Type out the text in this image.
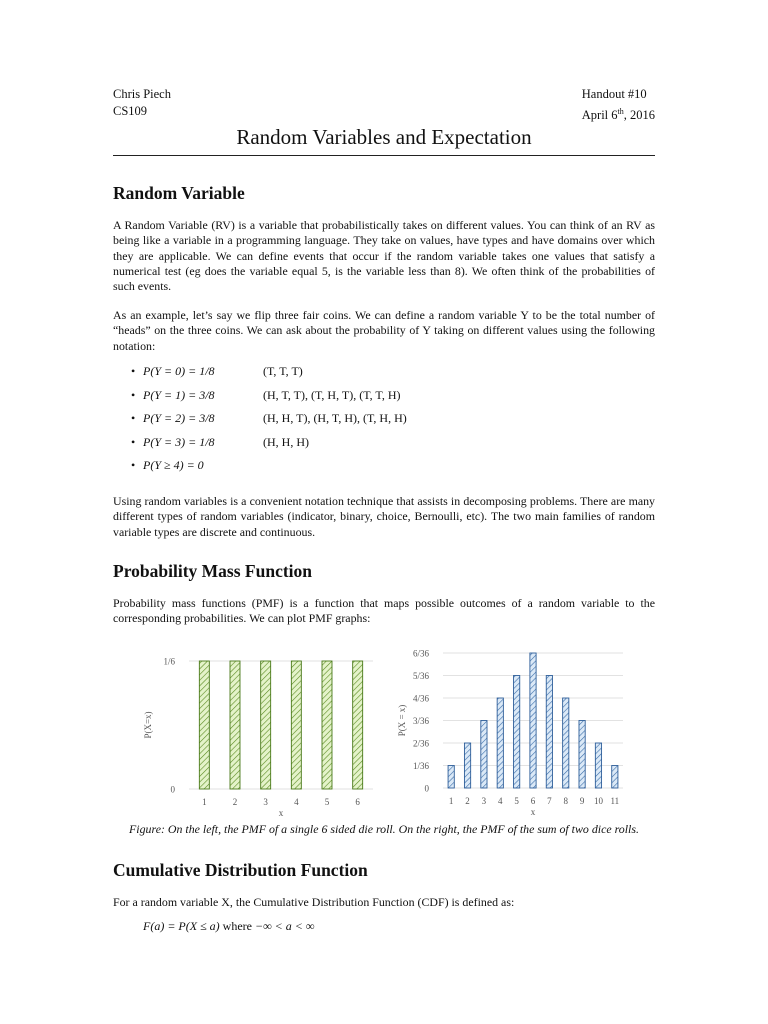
Chris Piech
CS109
Handout #10
April 6th, 2016
Random Variables and Expectation
Random Variable

A Random Variable (RV) is a variable that probabilistically takes on different values. You can think of an RV as being like a variable in a programming language. They take on values, have types and have domains over which they are applicable. We can define events that occur if the random variable takes one values that satisfy a numerical test (eg does the variable equal 5, is the variable less than 8). We often think of the probabilities of such events.

As an example, let’s say we flip three fair coins. We can define a random variable Y to be the total number of “heads” on the three coins. We can ask about the probability of Y taking on different values using the following notation:

• P(Y = 0) = 1/8	(T, T, T)
• P(Y = 1) = 3/8	(H, T, T), (T, H, T), (T, T, H)
• P(Y = 2) = 3/8	(H, H, T), (H, T, H), (T, H, H)
• P(Y = 3) = 1/8	(H, H, H)
• P(Y ≥ 4) = 0

Using random variables is a convenient notation technique that assists in decomposing problems. There are many different types of random variables (indicator, binary, choice, Bernoulli, etc). The two main families of random variable types are discrete and continuous.

Probability Mass Function

Probability mass functions (PMF) is a function that maps possible outcomes of a random variable to the corresponding probabilities. We can plot PMF graphs:

0
1/6
1	2	3	4	5	6
x
P(X=x)
0
1/36
2/36
3/36
4/36
5/36
6/36
1 2 3 4 5 6 7 8 9 10 11
x
P(X = x)
Figure: On the left, the PMF of a single 6 sided die roll. On the right, the PMF of the sum of two dice rolls.
Cumulative Distribution Function

For a random variable X, the Cumulative Distribution Function (CDF) is defined as:

F(a) = P(X ≤ a) where −∞ < a < ∞
